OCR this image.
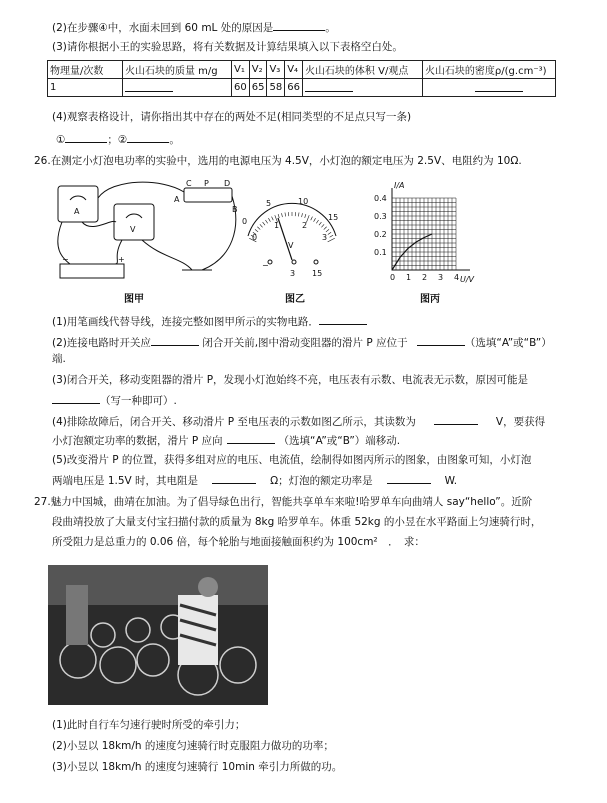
(2)在步骤④中，水面未回到 60 mL 处的原因是	。
(3)请你根据小王的实验思路，将有关数据及计算结果填入以下表格空白处。
物理量/次数	火山石块的质量 m/g	V₁	V₂	V₃	V₄	火山石块的体积 V/观点	火山石块的密度ρ/(g.cm⁻³)
1		60	65	58	66		
(4)观察表格设计，请你指出其中存在的两处不足(相同类型的不足点只写一条)
①	；②	。
26.在测定小灯泡电功率的实验中，选用的电源电压为 4.5V，小灯泡的额定电压为 2.5V、电阻约为 10Ω.
A
V
C P D
A
B
−	+
图甲
0
5	10
15
0
1	2
3
V
−
3 15
图乙
I/A
U/V
0.4
0.3
0.2
0.1
0 1 2 3 4
图丙
(1)用笔画线代替导线，连接完整如图甲所示的实物电路．
(2)连接电路时开关应	闭合开关前,图中滑动变阻器的滑片 P 应位于	（选填“A”或“B”）
端.
(3)闭合开关，移动变阻器的滑片 P，发现小灯泡始终不亮，电压表有示数、电流表无示数，原因可能是
（写一种即可）.
(4)排除故障后，闭合开关、移动滑片 P 至电压表的示数如图乙所示，其读数为	V，要获得
小灯泡额定功率的数据，滑片 P 应向	（选填“A”或“B”）端移动.
(5)改变滑片 P 的位置，获得多组对应的电压、电流值，绘制得如图丙所示的图象，由图象可知，小灯泡
两端电压是 1.5V 时，其电阻是	Ω；灯泡的额定功率是	W.
27.魅力中国城，曲靖在加油。为了倡导绿色出行，智能共享单车来啦!哈罗单车向曲靖人 say“hello”。近阶
段曲靖投放了大量支付宝扫描付款的质量为 8kg 哈罗单车。体重 52kg 的小昱在水平路面上匀速骑行时，
所受阻力是总重力的 0.06 倍，每个轮胎与地面接触面积约为 100cm²　．　求：
(1)此时自行车匀速行驶时所受的牵引力；
(2)小昱以 18km/h 的速度匀速骑行时克服阻力做功的功率；
(3)小昱以 18km/h 的速度匀速骑行 10min 牵引力所做的功。
